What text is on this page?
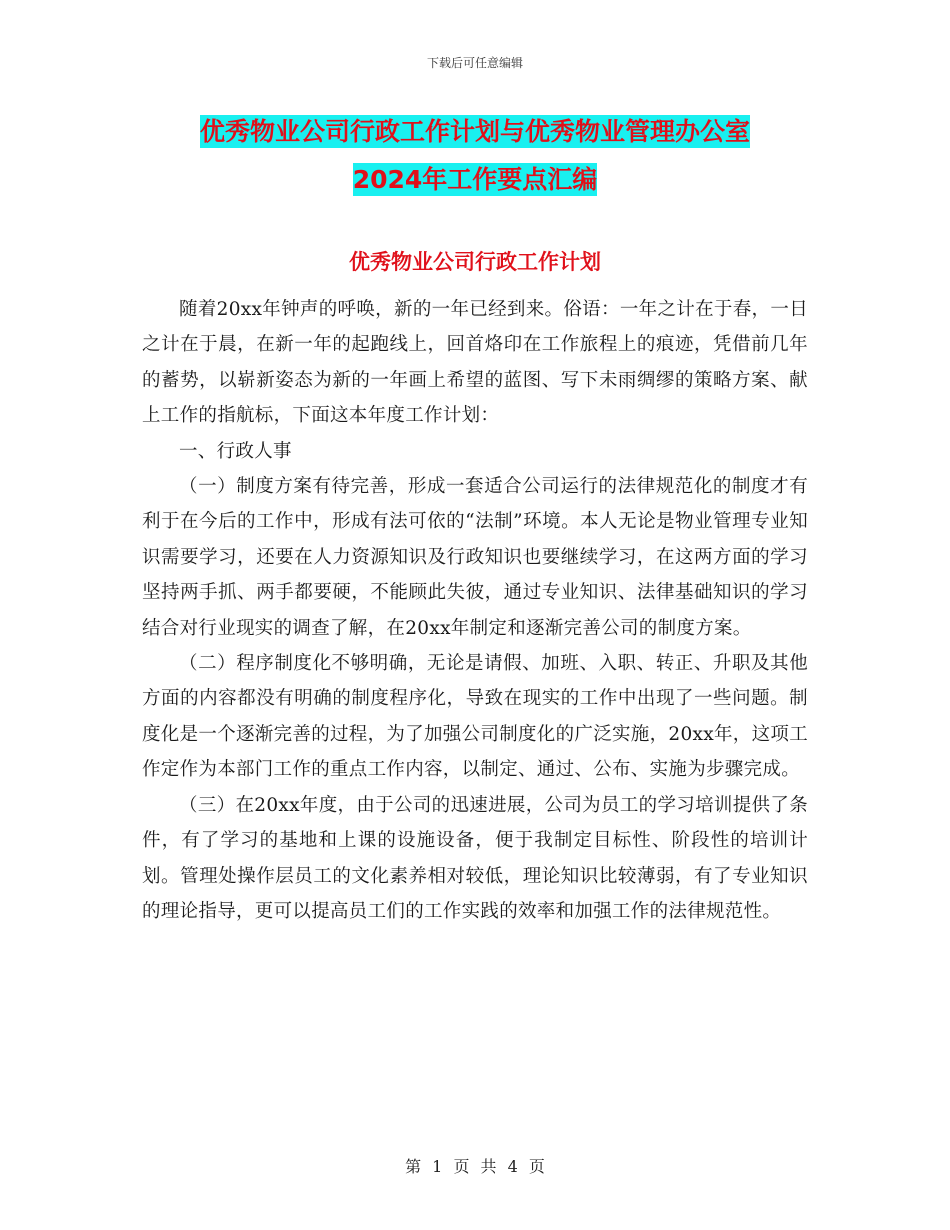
下载后可任意编辑
优秀物业公司行政工作计划与优秀物业管理办公室
2024年工作要点汇编
优秀物业公司行政工作计划

随着20xx年钟声的呼唤，新的一年已经到来。俗语：一年之计在于春，一日之计在于晨，在新一年的起跑线上，回首烙印在工作旅程上的痕迹，凭借前几年的蓄势，以崭新姿态为新的一年画上希望的蓝图、写下未雨绸缪的策略方案、献上工作的指航标，下面这本年度工作计划：

一、行政人事

（一）制度方案有待完善，形成一套适合公司运行的法律规范化的制度才有利于在今后的工作中，形成有法可依的“法制”环境。本人无论是物业管理专业知识需要学习，还要在人力资源知识及行政知识也要继续学习，在这两方面的学习坚持两手抓、两手都要硬，不能顾此失彼，通过专业知识、法律基础知识的学习结合对行业现实的调查了解，在20xx年制定和逐渐完善公司的制度方案。

（二）程序制度化不够明确，无论是请假、加班、入职、转正、升职及其他方面的内容都没有明确的制度程序化，导致在现实的工作中出现了一些问题。制度化是一个逐渐完善的过程，为了加强公司制度化的广泛实施，20xx年，这项工作定作为本部门工作的重点工作内容，以制定、通过、公布、实施为步骤完成。

（三）在20xx年度，由于公司的迅速进展，公司为员工的学习培训提供了条件，有了学习的基地和上课的设施设备，便于我制定目标性、阶段性的培训计划。管理处操作层员工的文化素养相对较低，理论知识比较薄弱，有了专业知识的理论指导，更可以提高员工们的工作实践的效率和加强工作的法律规范性。

第 1 页 共 4 页
